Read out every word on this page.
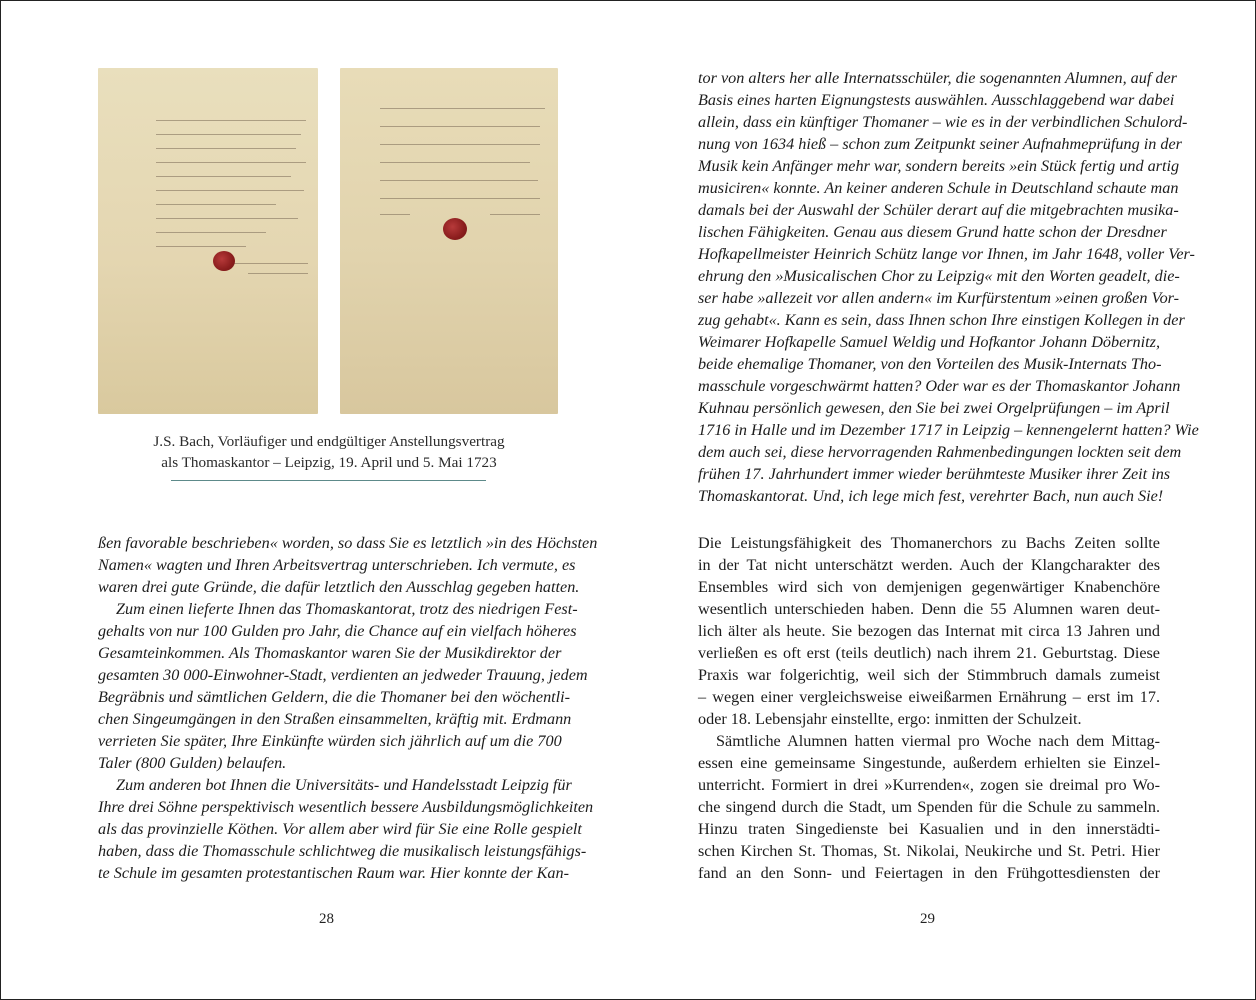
J.S. Bach, Vorläufiger und endgültiger Anstellungsvertrag
als Thomaskantor – Leipzig, 19. April und 5. Mai 1723
ßen favorable beschrieben« worden, so dass Sie es letztlich »in des Höchsten
Namen« wagten und Ihren Arbeitsvertrag unterschrieben. Ich vermute, es
waren drei gute Gründe, die dafür letztlich den Ausschlag gegeben hatten.
Zum einen lieferte Ihnen das Thomaskantorat, trotz des niedrigen Fest-
gehalts von nur 100 Gulden pro Jahr, die Chance auf ein vielfach höheres
Gesamteinkommen. Als Thomaskantor waren Sie der Musikdirektor der
gesamten 30 000-Einwohner-Stadt, verdienten an jedweder Trauung, jedem
Begräbnis und sämtlichen Geldern, die die Thomaner bei den wöchentli-
chen Singeumgängen in den Straßen einsammelten, kräftig mit. Erdmann
verrieten Sie später, Ihre Einkünfte würden sich jährlich auf um die 700
Taler (800 Gulden) belaufen.
Zum anderen bot Ihnen die Universitäts- und Handelsstadt Leipzig für
Ihre drei Söhne perspektivisch wesentlich bessere Ausbildungsmöglichkeiten
als das provinzielle Köthen. Vor allem aber wird für Sie eine Rolle gespielt
haben, dass die Thomasschule schlichtweg die musikalisch leistungsfähigs-
te Schule im gesamten protestantischen Raum war. Hier konnte der Kan-
28
tor von alters her alle Internatsschüler, die sogenannten Alumnen, auf der
Basis eines harten Eignungstests auswählen. Ausschlaggebend war dabei
allein, dass ein künftiger Thomaner – wie es in der verbindlichen Schulord-
nung von 1634 hieß – schon zum Zeitpunkt seiner Aufnahmeprüfung in der
Musik kein Anfänger mehr war, sondern bereits »ein Stück fertig und artig
musiciren« konnte. An keiner anderen Schule in Deutschland schaute man
damals bei der Auswahl der Schüler derart auf die mitgebrachten musika-
lischen Fähigkeiten. Genau aus diesem Grund hatte schon der Dresdner
Hofkapellmeister Heinrich Schütz lange vor Ihnen, im Jahr 1648, voller Ver-
ehrung den »Musicalischen Chor zu Leipzig« mit den Worten geadelt, die-
ser habe »allezeit vor allen andern« im Kurfürstentum »einen großen Vor-
zug gehabt«. Kann es sein, dass Ihnen schon Ihre einstigen Kollegen in der
Weimarer Hofkapelle Samuel Weldig und Hofkantor Johann Döbernitz,
beide ehemalige Thomaner, von den Vorteilen des Musik-Internats Tho-
masschule vorgeschwärmt hatten? Oder war es der Thomaskantor Johann
Kuhnau persönlich gewesen, den Sie bei zwei Orgelprüfungen – im April
1716 in Halle und im Dezember 1717 in Leipzig – kennengelernt hatten? Wie
dem auch sei, diese hervorragenden Rahmenbedingungen lockten seit dem
frühen 17. Jahrhundert immer wieder berühmteste Musiker ihrer Zeit ins
Thomaskantorat. Und, ich lege mich fest, verehrter Bach, nun auch Sie!
Die Leistungsfähigkeit des Thomanerchors zu Bachs Zeiten sollte
in der Tat nicht unterschätzt werden. Auch der Klangcharakter des
Ensembles wird sich von demjenigen gegenwärtiger Knabenchöre
wesentlich unterschieden haben. Denn die 55 Alumnen waren deut-
lich älter als heute. Sie bezogen das Internat mit circa 13 Jahren und
verließen es oft erst (teils deutlich) nach ihrem 21. Geburtstag. Diese
Praxis war folgerichtig, weil sich der Stimmbruch damals zumeist
– wegen einer vergleichsweise eiweißarmen Ernährung – erst im 17.
oder 18. Lebensjahr einstellte, ergo: inmitten der Schulzeit.
Sämtliche Alumnen hatten viermal pro Woche nach dem Mittag-
essen eine gemeinsame Singestunde, außerdem erhielten sie Einzel-
unterricht. Formiert in drei »Kurrenden«, zogen sie dreimal pro Wo-
che singend durch die Stadt, um Spenden für die Schule zu sammeln.
Hinzu traten Singedienste bei Kasualien und in den innerstädti-
schen Kirchen St. Thomas, St. Nikolai, Neukirche und St. Petri. Hier
fand an den Sonn- und Feiertagen in den Frühgottesdiensten der
29
